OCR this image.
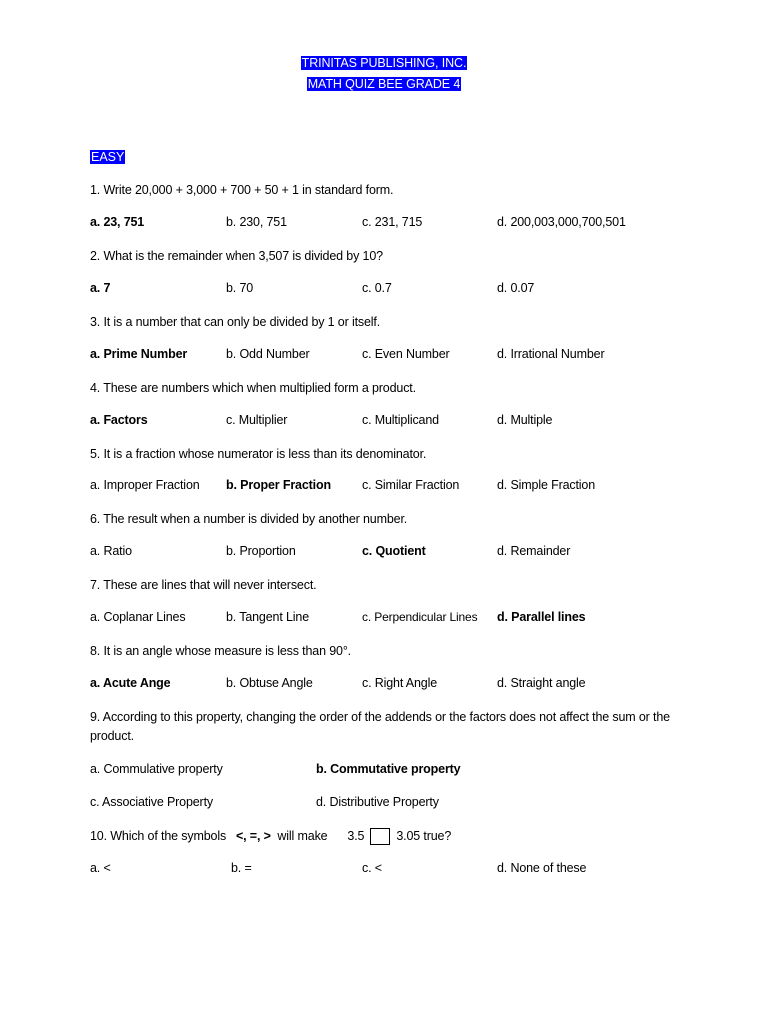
TRINITAS PUBLISHING, INC.
MATH QUIZ BEE GRADE 4
EASY
1. Write 20,000 + 3,000 + 700 + 50 + 1 in standard form.
a. 23, 751	b. 230, 751	c. 231, 715	d. 200,003,000,700,501
2. What is the remainder when 3,507 is divided by 10?
a. 7	b. 70	c. 0.7	d. 0.07
3. It is a number that can only be divided by 1 or itself.
a. Prime Number	b. Odd Number	c. Even Number	d. Irrational Number
4. These are numbers which when multiplied form a product.
a. Factors	c. Multiplier	c. Multiplicand	d. Multiple
5. It is a fraction whose numerator is less than its denominator.
a. Improper Fraction b. Proper Fraction c. Similar Fraction	d. Simple Fraction
6. The result when a number is divided by another number.
a. Ratio	b. Proportion	c. Quotient	d. Remainder
7. These are lines that will never intersect.
a. Coplanar Lines	b. Tangent Line	c. Perpendicular Lines d. Parallel lines
8. It is an angle whose measure is less than 90°.
a. Acute Ange	b. Obtuse Angle	c. Right Angle	d. Straight angle
9. According to this property, changing the order of the addends or the factors does not affect the sum or the product.
a. Commulative property	b. Commutative property
c. Associative Property	d. Distributive Property
10. Which of the symbols <, =, > will make 3.5	3.05 true?
a. <	b. =	c. <	d. None of these
